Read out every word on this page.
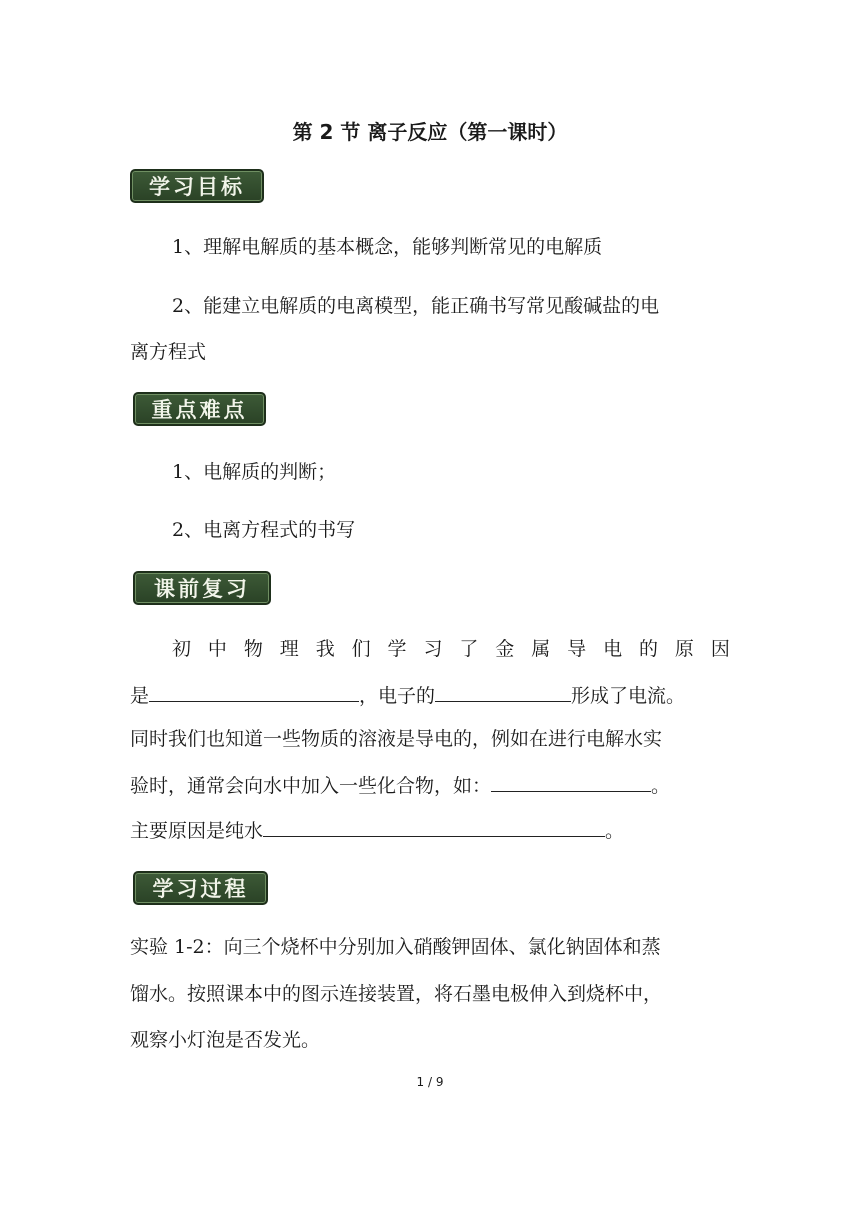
第 2 节 离子反应（第一课时）
学习目标
1、理解电解质的基本概念，能够判断常见的电解质
2、能建立电解质的电离模型，能正确书写常见酸碱盐的电
离方程式
重点难点
1、电解质的判断；
2、电离方程式的书写
课前复习
初 中 物 理 我 们 学 习 了 金 属 导 电 的 原 因
是	，电子的	形成了电流。
同时我们也知道一些物质的溶液是导电的，例如在进行电解水实
验时，通常会向水中加入一些化合物，如：	。
主要原因是纯水	。
学习过程
实验 1-2：向三个烧杯中分别加入硝酸钾固体、氯化钠固体和蒸
馏水。按照课本中的图示连接装置，将石墨电极伸入到烧杯中，
观察小灯泡是否发光。
1 / 9
